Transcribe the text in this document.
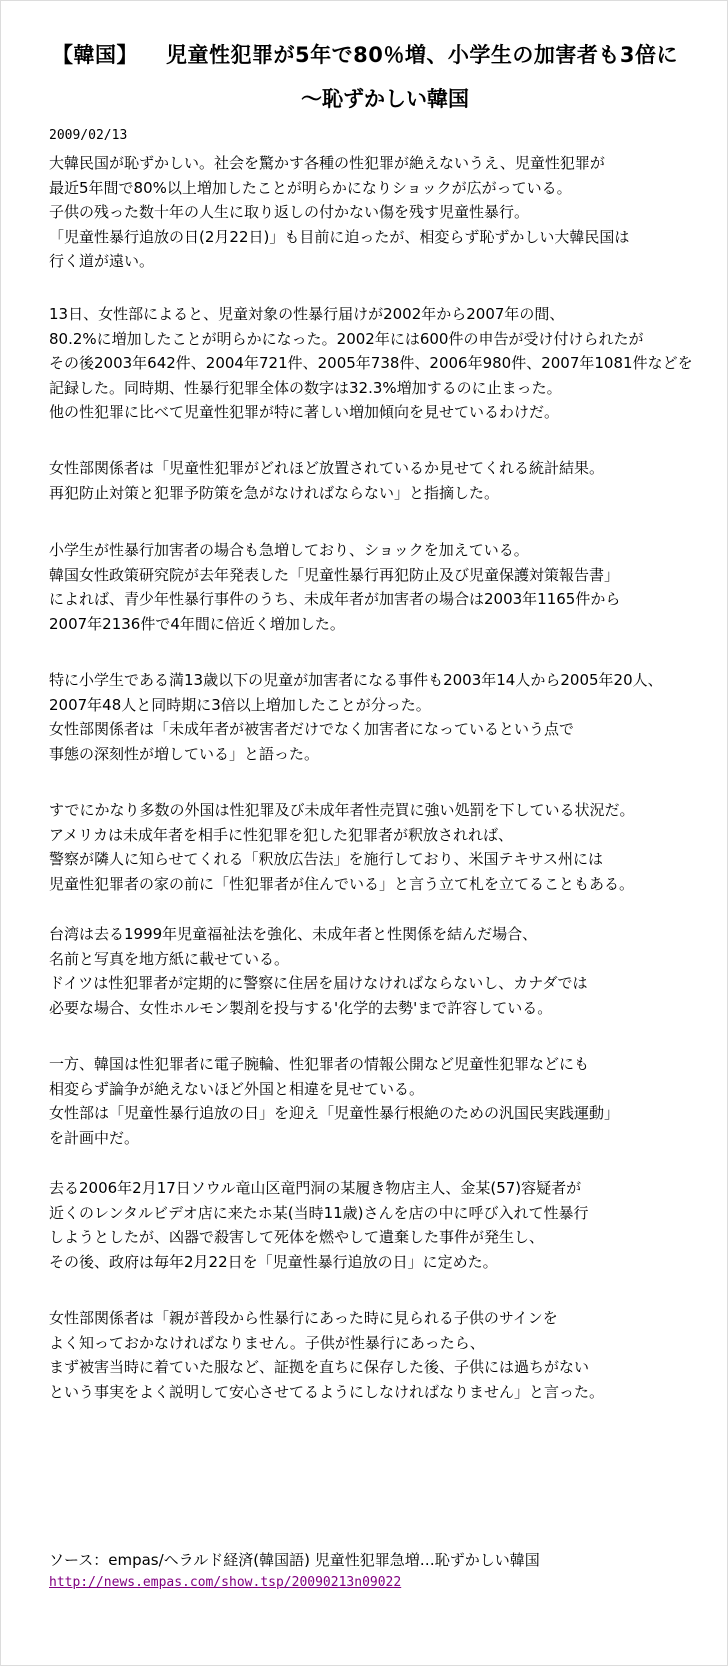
【韓国】 児童性犯罪が5年で80％増、小学生の加害者も3倍に
～恥ずかしい韓国
2009/02/13
大韓民国が恥ずかしい。社会を驚かす各種の性犯罪が絶えないうえ、児童性犯罪が
最近5年間で80%以上増加したことが明らかになりショックが広がっている。
子供の残った数十年の人生に取り返しの付かない傷を残す児童性暴行。
「児童性暴行追放の日(2月22日)」も目前に迫ったが、相変らず恥ずかしい大韓民国は
行く道が遠い。
13日、女性部によると、児童対象の性暴行届けが2002年から2007年の間、
80.2%に増加したことが明らかになった。2002年には600件の申告が受け付けられたが
その後2003年642件、2004年721件、2005年738件、2006年980件、2007年1081件などを
記録した。同時期、性暴行犯罪全体の数字は32.3%増加するのに止まった。
他の性犯罪に比べて児童性犯罪が特に著しい増加傾向を見せているわけだ。
女性部関係者は「児童性犯罪がどれほど放置されているか見せてくれる統計結果。
再犯防止対策と犯罪予防策を急がなければならない」と指摘した。
小学生が性暴行加害者の場合も急増しており、ショックを加えている。
韓国女性政策研究院が去年発表した「児童性暴行再犯防止及び児童保護対策報告書」
によれば、青少年性暴行事件のうち、未成年者が加害者の場合は2003年1165件から
2007年2136件で4年間に倍近く増加した。
特に小学生である満13歳以下の児童が加害者になる事件も2003年14人から2005年20人、
2007年48人と同時期に3倍以上増加したことが分った。
女性部関係者は「未成年者が被害者だけでなく加害者になっているという点で
事態の深刻性が増している」と語った。
すでにかなり多数の外国は性犯罪及び未成年者性売買に強い処罰を下している状況だ。
アメリカは未成年者を相手に性犯罪を犯した犯罪者が釈放されれば、
警察が隣人に知らせてくれる「釈放広告法」を施行しており、米国テキサス州には
児童性犯罪者の家の前に「性犯罪者が住んでいる」と言う立て札を立てることもある。
台湾は去る1999年児童福祉法を強化、未成年者と性関係を結んだ場合、
名前と写真を地方紙に載せている。
ドイツは性犯罪者が定期的に警察に住居を届けなければならないし、カナダでは
必要な場合、女性ホルモン製剤を投与する'化学的去勢'まで許容している。
一方、韓国は性犯罪者に電子腕輪、性犯罪者の情報公開など児童性犯罪などにも
相変らず論争が絶えないほど外国と相違を見せている。
女性部は「児童性暴行追放の日」を迎え「児童性暴行根絶のための汎国民実践運動」
を計画中だ。
去る2006年2月17日ソウル竜山区竜門洞の某履き物店主人、金某(57)容疑者が
近くのレンタルビデオ店に来たホ某(当時11歳)さんを店の中に呼び入れて性暴行
しようとしたが、凶器で殺害して死体を燃やして遺棄した事件が発生し、
その後、政府は毎年2月22日を「児童性暴行追放の日」に定めた。
女性部関係者は「親が普段から性暴行にあった時に見られる子供のサインを
よく知っておかなければなりません。子供が性暴行にあったら、
まず被害当時に着ていた服など、証拠を直ちに保存した後、子供には過ちがない
という事実をよく説明して安心させてるようにしなければなりません」と言った。
ソース：empas/ヘラルド経済(韓国語) 児童性犯罪急増…恥ずかしい韓国
http://news.empas.com/show.tsp/20090213n09022
